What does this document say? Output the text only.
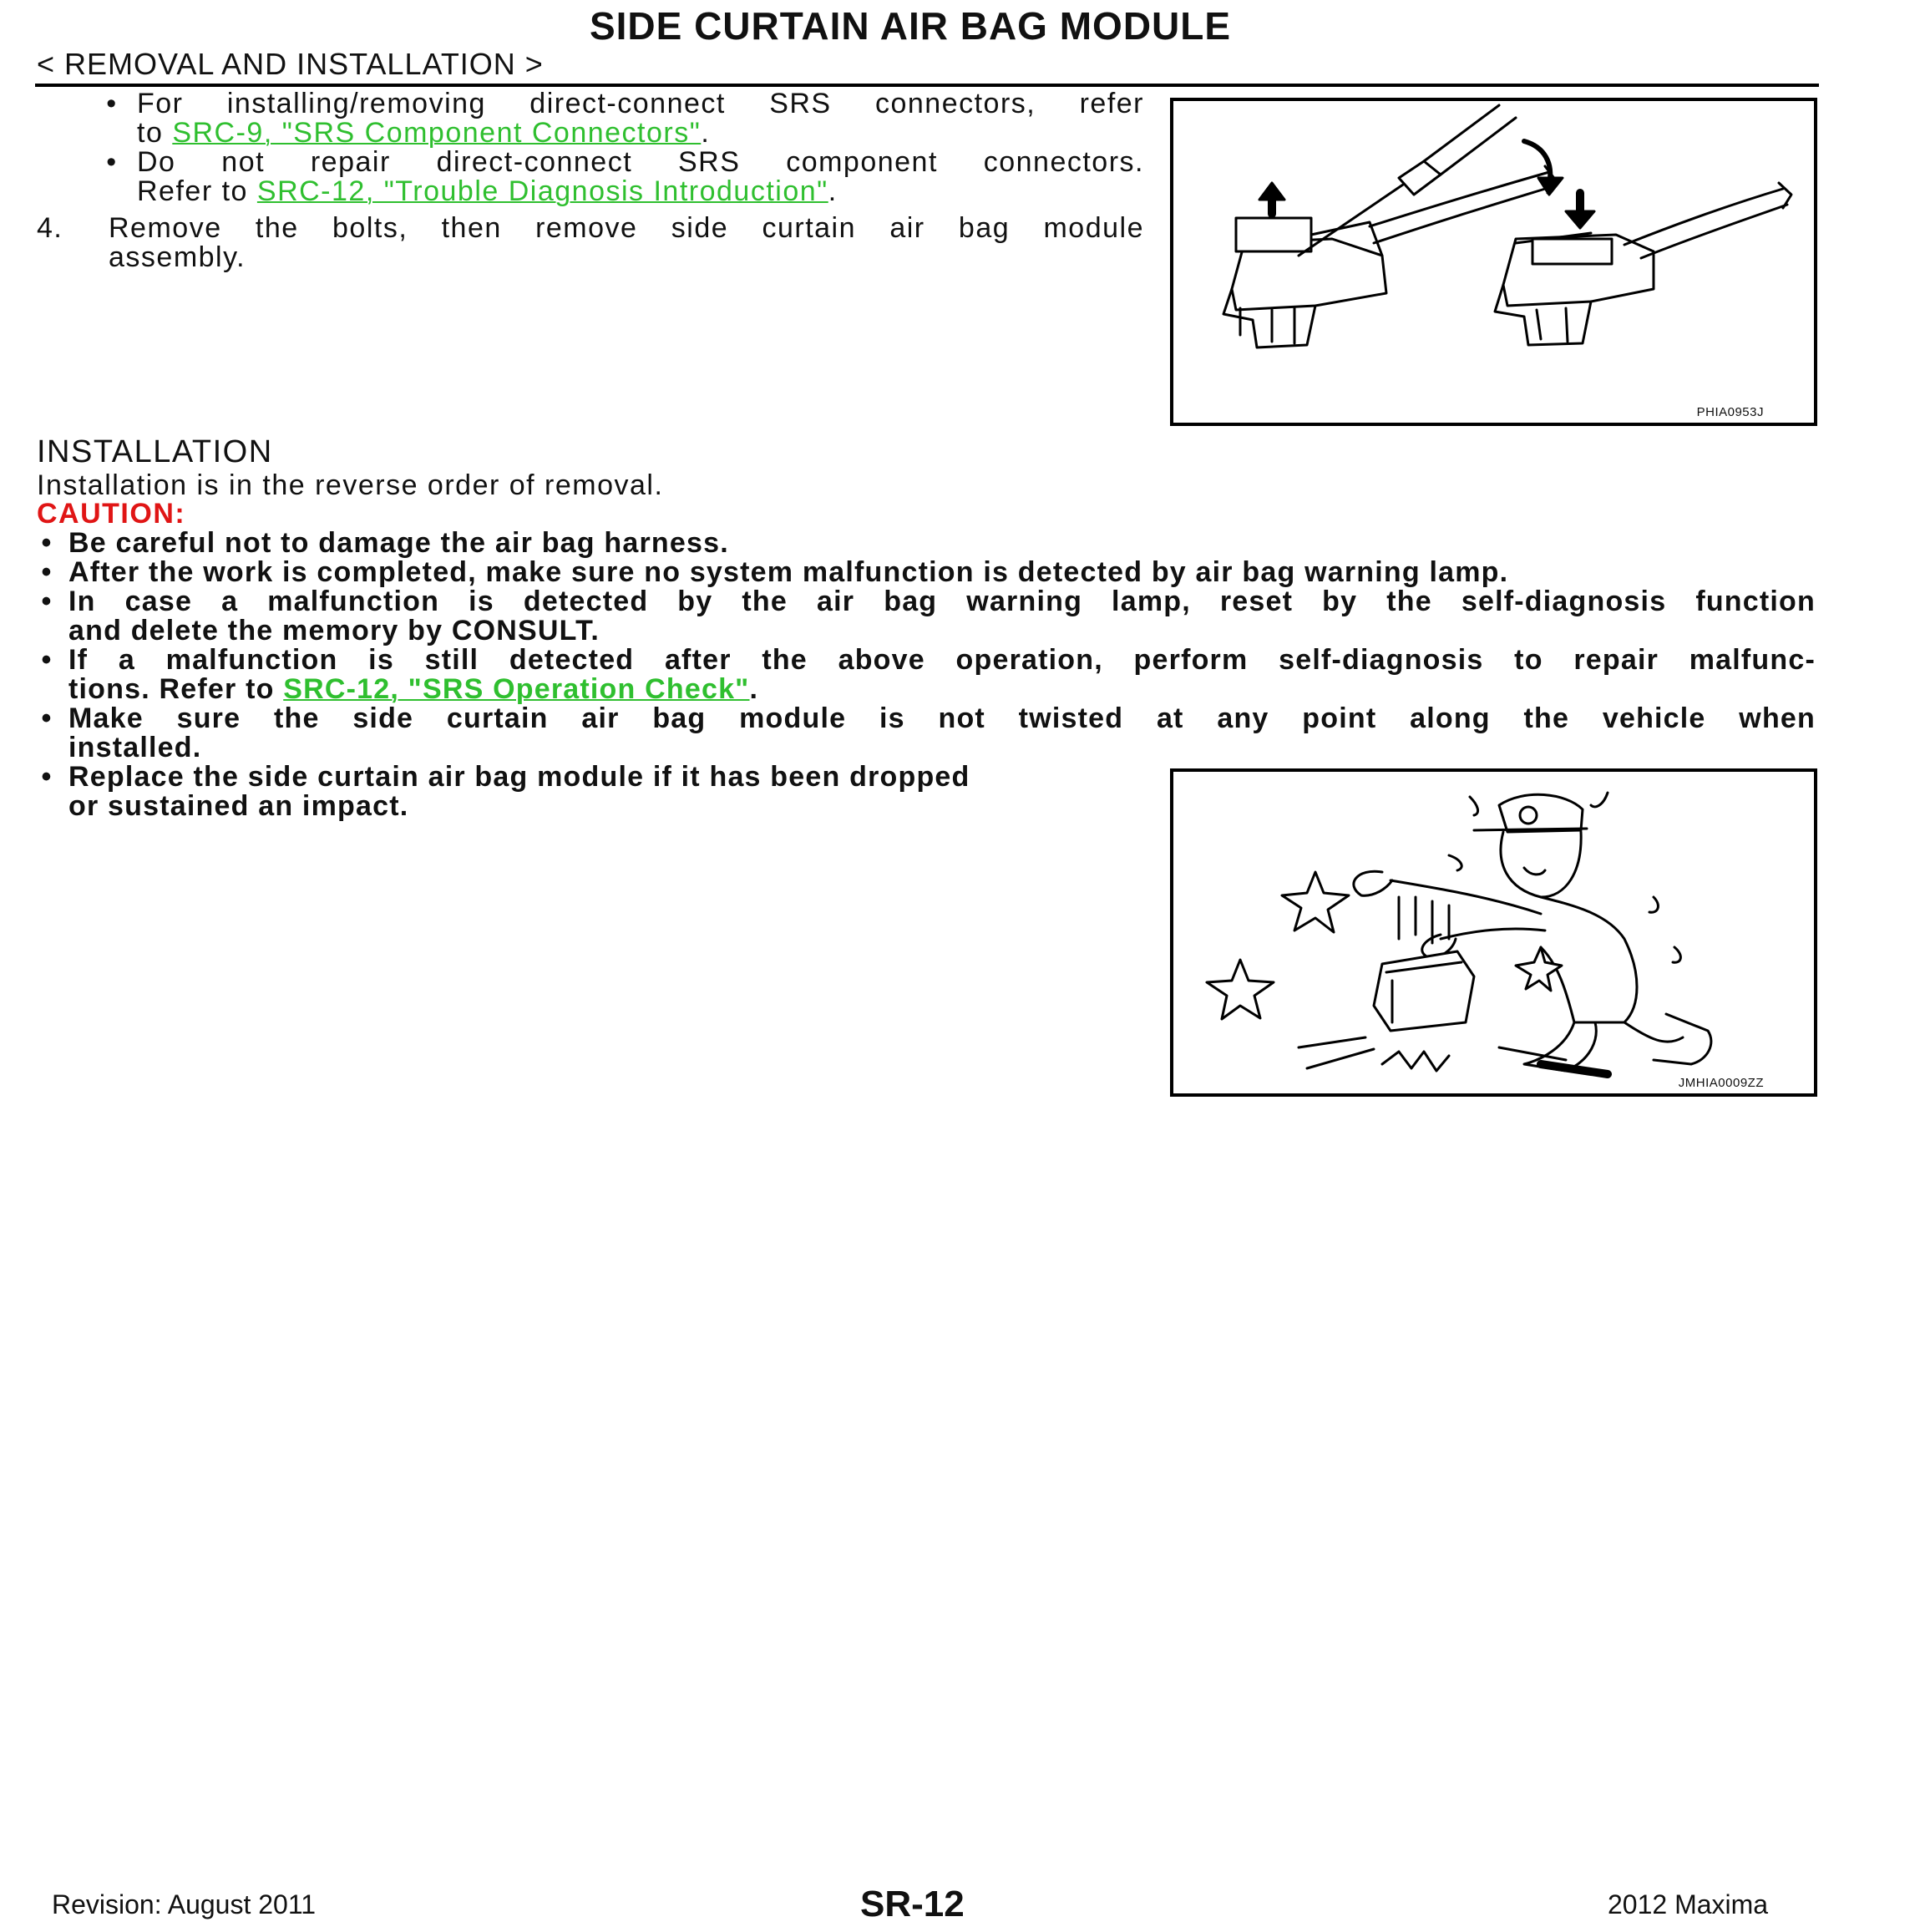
SIDE CURTAIN AIR BAG MODULE
< REMOVAL AND INSTALLATION >
• For installing/removing direct-connect SRS connectors, refer
to SRC-9, "SRS Component Connectors".
• Do not repair direct-connect SRS component connectors.
Refer to SRC-12, "Trouble Diagnosis Introduction".
4. Remove the bolts, then remove side curtain air bag module
assembly.
PHIA0953J
INSTALLATION
Installation is in the reverse order of removal.
CAUTION:
• Be careful not to damage the air bag harness.
• After the work is completed, make sure no system malfunction is detected by air bag warning lamp.
• In case a malfunction is detected by the air bag warning lamp, reset by the self-diagnosis function
and delete the memory by CONSULT.
• If a malfunction is still detected after the above operation, perform self-diagnosis to repair malfunc-
tions. Refer to SRC-12, "SRS Operation Check".
• Make sure the side curtain air bag module is not twisted at any point along the vehicle when
installed.
• Replace the side curtain air bag module if it has been dropped
or sustained an impact.
JMHIA0009ZZ
Revision: August 2011	SR-12	2012 Maxima
